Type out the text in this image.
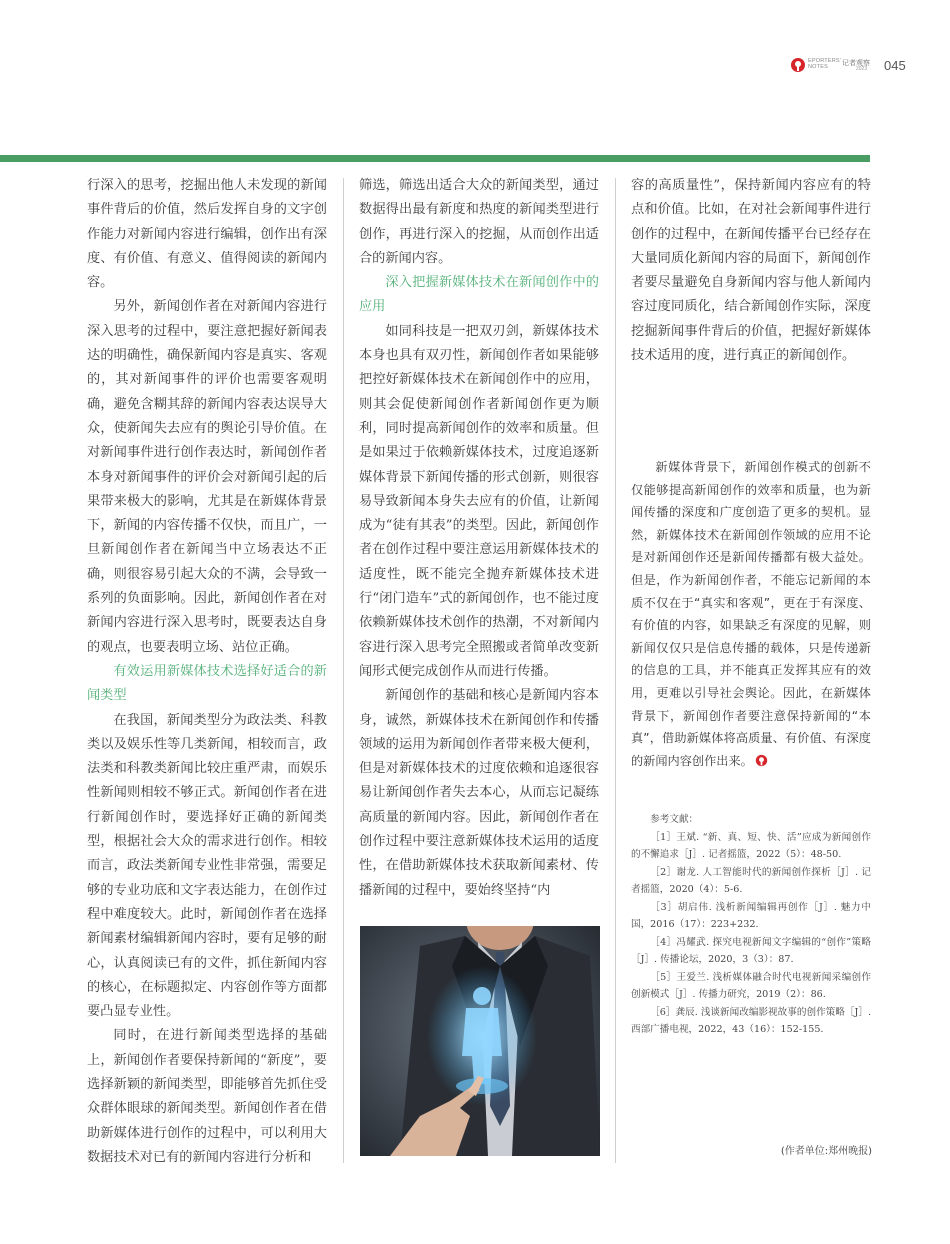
EPORTERS'
NOTES	记者观察
2023 045

行深入的思考，挖掘出他人未发现的新闻事件背后的价值，然后发挥自身的文字创作能力对新闻内容进行编辑，创作出有深度、有价值、有意义、值得阅读的新闻内容。

另外，新闻创作者在对新闻内容进行深入思考的过程中，要注意把握好新闻表达的明确性，确保新闻内容是真实、客观的，其对新闻事件的评价也需要客观明确，避免含糊其辞的新闻内容表达误导大众，使新闻失去应有的舆论引导价值。在对新闻事件进行创作表达时，新闻创作者本身对新闻事件的评价会对新闻引起的后果带来极大的影响，尤其是在新媒体背景下，新闻的内容传播不仅快，而且广，一旦新闻创作者在新闻当中立场表达不正确，则很容易引起大众的不满，会导致一系列的负面影响。因此，新闻创作者在对新闻内容进行深入思考时，既要表达自身的观点，也要表明立场、站位正确。

有效运用新媒体技术选择好适合的新闻类型

在我国，新闻类型分为政法类、科教类以及娱乐性等几类新闻，相较而言，政法类和科教类新闻比较庄重严肃，而娱乐性新闻则相较不够正式。新闻创作者在进行新闻创作时，要选择好正确的新闻类型，根据社会大众的需求进行创作。相较而言，政法类新闻专业性非常强，需要足够的专业功底和文字表达能力，在创作过程中难度较大。此时，新闻创作者在选择新闻素材编辑新闻内容时，要有足够的耐心，认真阅读已有的文件，抓住新闻内容的核心，在标题拟定、内容创作等方面都要凸显专业性。

同时，在进行新闻类型选择的基础上，新闻创作者要保持新闻的“新度”，要选择新颖的新闻类型，即能够首先抓住受众群体眼球的新闻类型。新闻创作者在借助新媒体进行创作的过程中，可以利用大数据技术对已有的新闻内容进行分析和

筛选，筛选出适合大众的新闻类型，通过数据得出最有新度和热度的新闻类型进行创作，再进行深入的挖掘，从而创作出适合的新闻内容。

深入把握新媒体技术在新闻创作中的应用

如同科技是一把双刃剑，新媒体技术本身也具有双刃性，新闻创作者如果能够把控好新媒体技术在新闻创作中的应用，则其会促使新闻创作者新闻创作更为顺利，同时提高新闻创作的效率和质量。但是如果过于依赖新媒体技术，过度追逐新媒体背景下新闻传播的形式创新，则很容易导致新闻本身失去应有的价值，让新闻成为“徒有其表”的类型。因此，新闻创作者在创作过程中要注意运用新媒体技术的适度性，既不能完全抛弃新媒体技术进行“闭门造车”式的新闻创作，也不能过度依赖新媒体技术创作的热潮，不对新闻内容进行深入思考完全照搬或者简单改变新闻形式便完成创作从而进行传播。

新闻创作的基础和核心是新闻内容本身，诚然，新媒体技术在新闻创作和传播领域的运用为新闻创作者带来极大便利，但是对新媒体技术的过度依赖和追逐很容易让新闻创作者失去本心，从而忘记凝练高质量的新闻内容。因此，新闻创作者在创作过程中要注意新媒体技术运用的适度性，在借助新媒体技术获取新闻素材、传播新闻的过程中，要始终坚持“内

容的高质量性”，保持新闻内容应有的特点和价值。比如，在对社会新闻事件进行创作的过程中，在新闻传播平台已经存在大量同质化新闻内容的局面下，新闻创作者要尽量避免自身新闻内容与他人新闻内容过度同质化，结合新闻创作实际，深度挖掘新闻事件背后的价值，把握好新媒体技术适用的度，进行真正的新闻创作。

新媒体背景下，新闻创作模式的创新不仅能够提高新闻创作的效率和质量，也为新闻传播的深度和广度创造了更多的契机。显然，新媒体技术在新闻创作领域的应用不论是对新闻创作还是新闻传播都有极大益处。但是，作为新闻创作者，不能忘记新闻的本质不仅在于“真实和客观”，更在于有深度、有价值的内容，如果缺乏有深度的见解，则新闻仅仅只是信息传播的载体，只是传递新的信息的工具，并不能真正发挥其应有的效用，更难以引导社会舆论。因此，在新媒体背景下，新闻创作者要注意保持新闻的“本真”，借助新媒体将高质量、有价值、有深度的新闻内容创作出来。

参考文献：

［1］王斌. “新、真、短、快、活”应成为新闻创作的不懈追求［J］. 记者摇篮，2022（5）：48-50.

［2］谢龙. 人工智能时代的新闻创作探析［J］. 记者摇篮，2020（4）：5-6.

［3］胡启伟. 浅析新闻编辑再创作［J］. 魅力中国，2016（17）：223+232.

［4］冯耀武. 探究电视新闻文字编辑的“创作”策略［J］. 传播论坛，2020，3（3）：87.

［5］王爱兰. 浅析媒体融合时代电视新闻采编创作创新模式［J］. 传播力研究，2019（2）：86.

［6］龚辰. 浅谈新闻改编影视故事的创作策略［J］. 西部广播电视，2022，43（16）：152-155.

(作者单位:郑州晚报)
